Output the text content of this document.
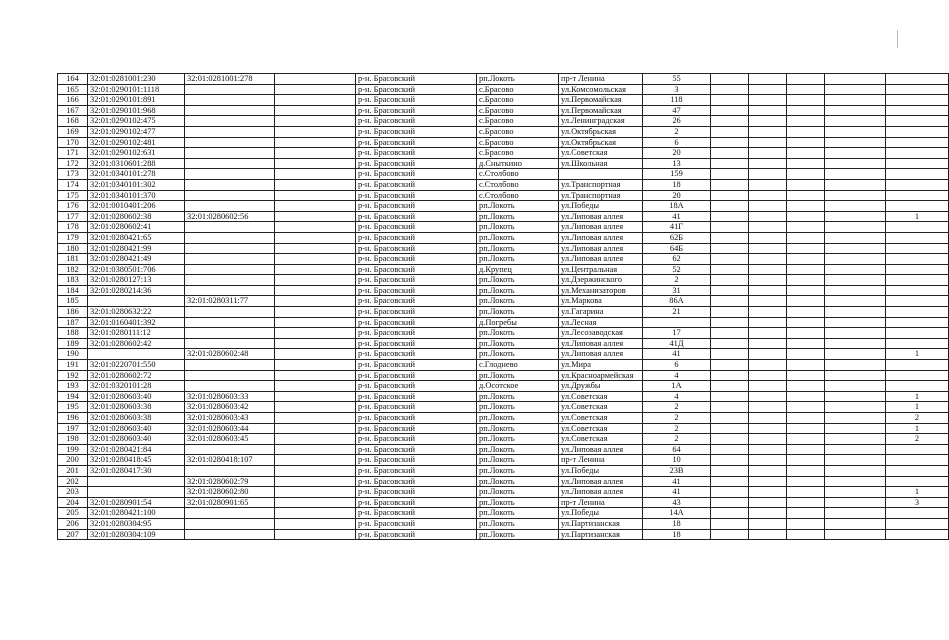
164	32:01:0281001:230	32:01:0281001:278		р-н. Брасовский	рп.Локоть	пр-т Ленина	55					
165	32:01:0290101:1118			р-н. Брасовский	с.Брасово	ул.Комсомольская	3					
166	32:01:0290101:891			р-н. Брасовский	с.Брасово	ул.Первомайская	118					
167	32:01:0290101:968			р-н. Брасовский	с.Брасово	ул.Первомайская	47					
168	32:01:0290102:475			р-н. Брасовский	с.Брасово	ул.Ленинградская	26					
169	32:01:0290102:477			р-н. Брасовский	с.Брасово	ул.Октябрьская	2					
170	32:01:0290102:481			р-н. Брасовский	с.Брасово	ул.Октябрьская	6					
171	32:01:0290102:631			р-н. Брасовский	с.Брасово	ул.Советская	20					
172	32:01:0310601:288			р-н. Брасовский	д.Сныткино	ул.Школьная	13					
173	32:01:0340101:278			р-н. Брасовский	с.Столбово		159					
174	32:01:0340101:302			р-н. Брасовский	с.Столбово	ул.Транспортная	18					
175	32:01:0340101:370			р-н. Брасовский	с.Столбово	ул.Транспортная	20					
176	32:01:0010401:206			р-н. Брасовский	рп.Локоть	ул.Победы	18А					
177	32:01:0280602:38	32:01:0280602:56		р-н. Брасовский	рп.Локоть	ул.Липовая аллея	41					1
178	32:01:0280602:41			р-н. Брасовский	рп.Локоть	ул.Липовая аллея	41Г					
179	32:01:0280421:65			р-н. Брасовский	рп.Локоть	ул.Липовая аллея	62Б					
180	32:01:0280421:99			р-н. Брасовский	рп.Локоть	ул.Липовая аллея	64Б					
181	32:01:0280421:49			р-н. Брасовский	рп.Локоть	ул.Липовая аллея	62					
182	32:01:0380501:706			р-н. Брасовский	д.Крупец	ул.Центральная	52					
183	32:01:0280127:13			р-н. Брасовский	рп.Локоть	ул.Дзержинского	2					
184	32:01:0280214:36			р-н. Брасовский	рп.Локоть	ул.Механизаторов	31					
185		32:01:0280311:77		р-н. Брасовский	рп.Локоть	ул.Маркова	86А					
186	32:01:0280632:22			р-н. Брасовский	рп.Локоть	ул.Гагарина	21					
187	32:01:0160401:392			р-н. Брасовский	д.Погребы	ул.Лесная						
188	32:01:0280111:12			р-н. Брасовский	рп.Локоть	ул.Лесозаводская	17					
189	32:01:0280602:42			р-н. Брасовский	рп.Локоть	ул.Липовая аллея	41Д					
190		32:01:0280602:48		р-н. Брасовский	рп.Локоть	ул.Липовая аллея	41					1
191	32:01:0220701:550			р-н. Брасовский	с.Глоднево	ул.Мира	6					
192	32:01:0280602:72			р-н. Брасовский	рп.Локоть	ул.Красноармейская	4					
193	32:01:0320101:28			р-н. Брасовский	д.Осотское	ул.Дружбы	1А					
194	32:01:0280603:40	32:01:0280603:33		р-н. Брасовский	рп.Локоть	ул.Советская	4					1
195	32:01:0280603:38	32:01:0280603:42		р-н. Брасовский	рп.Локоть	ул.Советская	2					1
196	32:01:0280603:38	32:01:0280603:43		р-н. Брасовский	рп.Локоть	ул.Советская	2					2
197	32:01:0280603:40	32:01:0280603:44		р-н. Брасовский	рп.Локоть	ул.Советская	2					1
198	32:01:0280603:40	32:01:0280603:45		р-н. Брасовский	рп.Локоть	ул.Советская	2					2
199	32:01:0280421:84			р-н. Брасовский	рп.Локоть	ул.Липовая аллея	64					
200	32:01:0280418:45	32:01:0280418:107		р-н. Брасовский	рп.Локоть	пр-т Ленина	10					
201	32:01:0280417:30			р-н. Брасовский	рп.Локоть	ул.Победы	23В					
202		32:01:0280602:79		р-н. Брасовский	рп.Локоть	ул.Липовая аллея	41					
203		32:01:0280602:80		р-н. Брасовский	рп.Локоть	ул.Липовая аллея	41					1
204	32:01:0280901:54	32:01:0280901:65		р-н. Брасовский	рп.Локоть	пр-т Ленина	43					3
205	32:01:0280421:100			р-н. Брасовский	рп.Локоть	ул.Победы	14А					
206	32:01:0280304:95			р-н. Брасовский	рп.Локоть	ул.Партизанская	18					
207	32:01:0280304:109			р-н. Брасовский	рп.Локоть	ул.Партизанская	18					
